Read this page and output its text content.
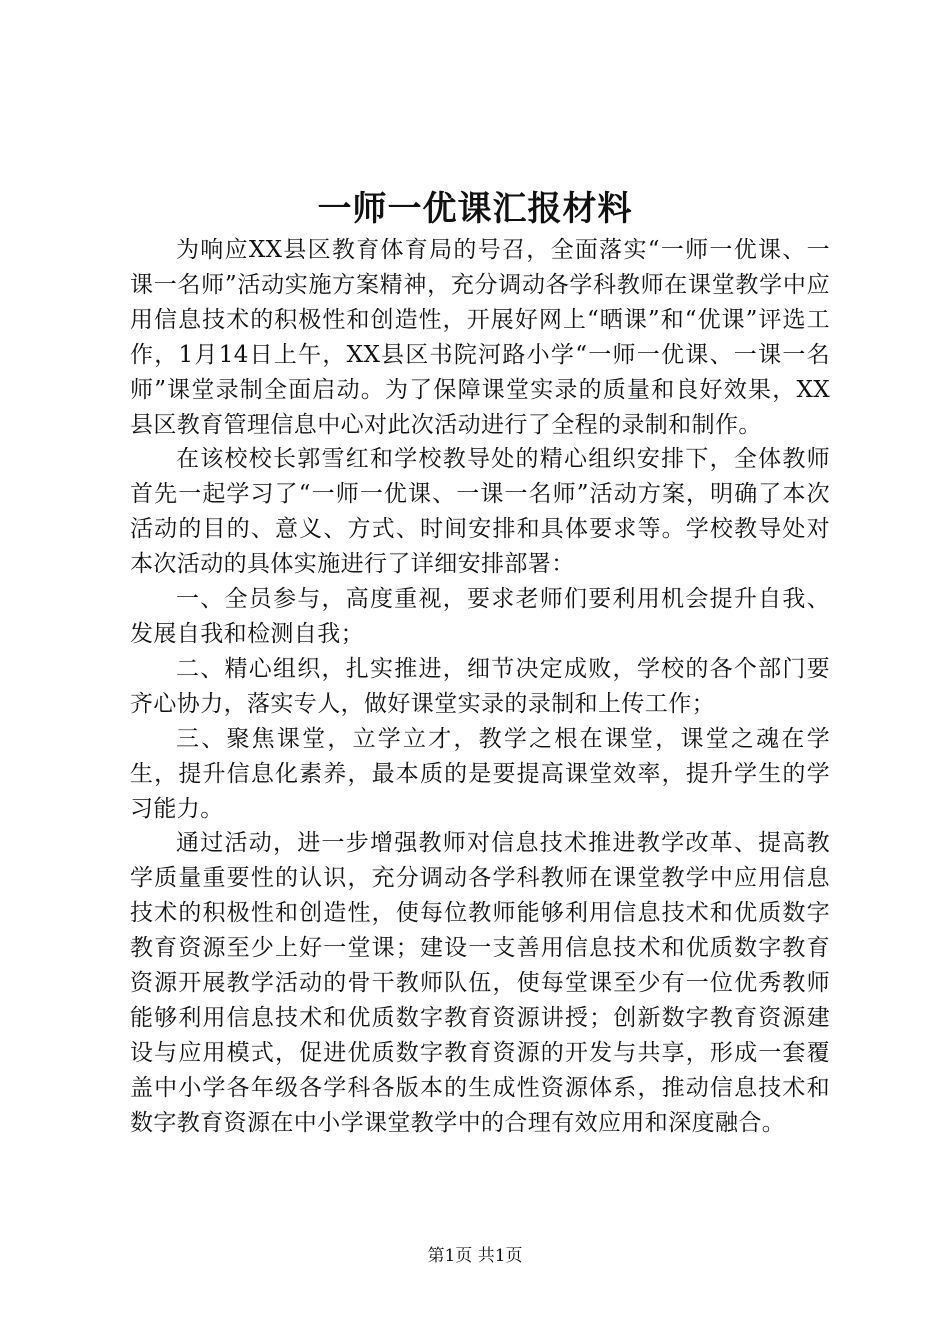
一师一优课汇报材料

为响应XX县区教育体育局的号召，全面落实“一师一优课、一课一名师”活动实施方案精神，充分调动各学科教师在课堂教学中应用信息技术的积极性和创造性，开展好网上“晒课”和“优课”评选工作，1月14日上午，XX县区书院河路小学“一师一优课、一课一名师”课堂录制全面启动。为了保障课堂实录的质量和良好效果，XX县区教育管理信息中心对此次活动进行了全程的录制和制作。

在该校校长郭雪红和学校教导处的精心组织安排下，全体教师首先一起学习了“一师一优课、一课一名师”活动方案，明确了本次活动的目的、意义、方式、时间安排和具体要求等。学校教导处对本次活动的具体实施进行了详细安排部署：

一、全员参与，高度重视，要求老师们要利用机会提升自我、发展自我和检测自我；

二、精心组织，扎实推进，细节决定成败，学校的各个部门要齐心协力，落实专人，做好课堂实录的录制和上传工作；

三、聚焦课堂，立学立才，教学之根在课堂，课堂之魂在学生，提升信息化素养，最本质的是要提高课堂效率，提升学生的学习能力。

通过活动，进一步增强教师对信息技术推进教学改革、提高教学质量重要性的认识，充分调动各学科教师在课堂教学中应用信息技术的积极性和创造性，使每位教师能够利用信息技术和优质数字教育资源至少上好一堂课；建设一支善用信息技术和优质数字教育资源开展教学活动的骨干教师队伍，使每堂课至少有一位优秀教师能够利用信息技术和优质数字教育资源讲授；创新数字教育资源建设与应用模式，促进优质数字教育资源的开发与共享，形成一套覆盖中小学各年级各学科各版本的生成性资源体系，推动信息技术和数字教育资源在中小学课堂教学中的合理有效应用和深度融合。

第1页 共1页
